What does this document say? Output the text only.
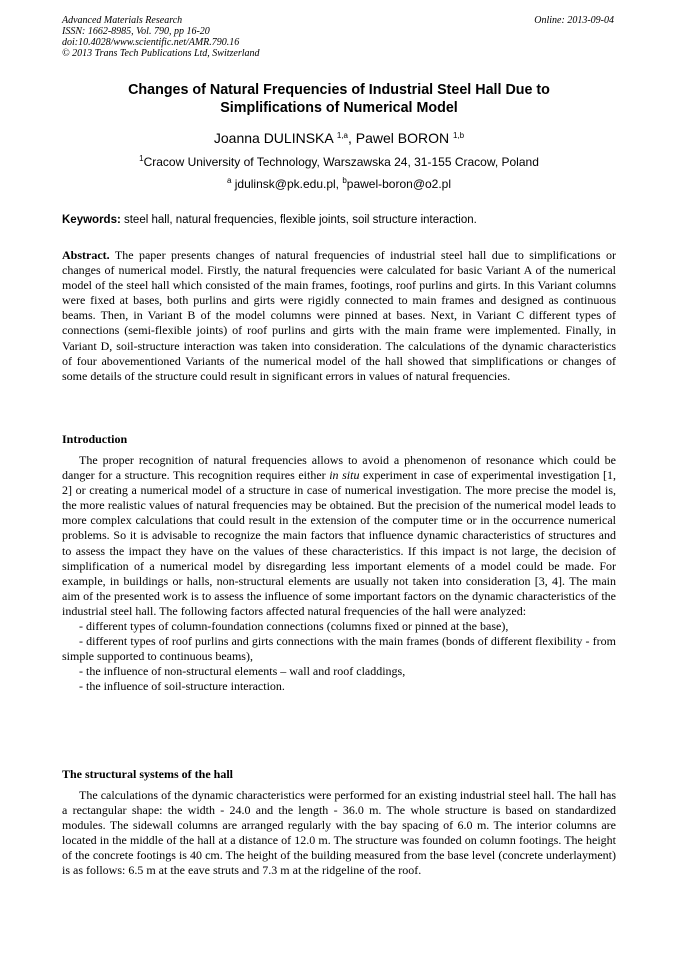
Advanced Materials Research
ISSN: 1662-8985, Vol. 790, pp 16-20
doi:10.4028/www.scientific.net/AMR.790.16
© 2013 Trans Tech Publications Ltd, Switzerland
Online: 2013-09-04
Changes of Natural Frequencies of Industrial Steel Hall Due to
Simplifications of Numerical Model
Joanna DULINSKA $^{1,a}$, Pawel BORON $^{1,b}$
$^1$Cracow University of Technology, Warszawska 24, 31-155 Cracow, Poland
$^a$ jdulinsk@pk.edu.pl, $^b$pawel-boron@o2.pl
Keywords: steel hall, natural frequencies, flexible joints, soil structure interaction.
Abstract. The paper presents changes of natural frequencies of industrial steel hall due to simplifications or changes of numerical model. Firstly, the natural frequencies were calculated for basic Variant A of the numerical model of the steel hall which consisted of the main frames, footings, roof purlins and girts. In this Variant columns were fixed at bases, both purlins and girts were rigidly connected to main frames and designed as continuous beams. Then, in Variant B of the model columns were pinned at bases. Next, in Variant C different types of connections (semi-flexible joints) of roof purlins and girts with the main frame were implemented. Finally, in Variant D, soil-structure interaction was taken into consideration. The calculations of the dynamic characteristics of four abovementioned Variants of the numerical model of the hall showed that simplifications or changes of some details of the structure could result in significant errors in values of natural frequencies.
Introduction

The proper recognition of natural frequencies allows to avoid a phenomenon of resonance which could be danger for a structure. This recognition requires either in situ experiment in case of experimental investigation [1, 2] or creating a numerical model of a structure in case of numerical investigation. The more precise the model is, the more realistic values of natural frequencies may be obtained. But the precision of the numerical model leads to more complex calculations that could result in the extension of the computer time or in the occurrence numerical problems. So it is advisable to recognize the main factors that influence dynamic characteristics of structures and to assess the impact they have on the values of these characteristics. If this impact is not large, the decision of simplification of a numerical model by disregarding less important elements of a model could be made. For example, in buildings or halls, non-structural elements are usually not taken into consideration [3, 4]. The main aim of the presented work is to assess the influence of some important factors on the dynamic characteristics of the industrial steel hall. The following factors affected natural frequencies of the hall were analyzed:

- different types of column-foundation connections (columns fixed or pinned at the base),

- different types of roof purlins and girts connections with the main frames (bonds of different flexibility - from simple supported to continuous beams),

- the influence of non-structural elements – wall and roof claddings,

- the influence of soil-structure interaction.

The structural systems of the hall

The calculations of the dynamic characteristics were performed for an existing industrial steel hall. The hall has a rectangular shape: the width - 24.0 and the length - 36.0 m. The whole structure is based on standardized modules. The sidewall columns are arranged regularly with the bay spacing of 6.0 m. The interior columns are located in the middle of the hall at a distance of 12.0 m. The structure was founded on column footings. The height of the concrete footings is 40 cm. The height of the building measured from the base level (concrete underlayment) is as follows: 6.5 m at the eave struts and 7.3 m at the ridgeline of the roof.
